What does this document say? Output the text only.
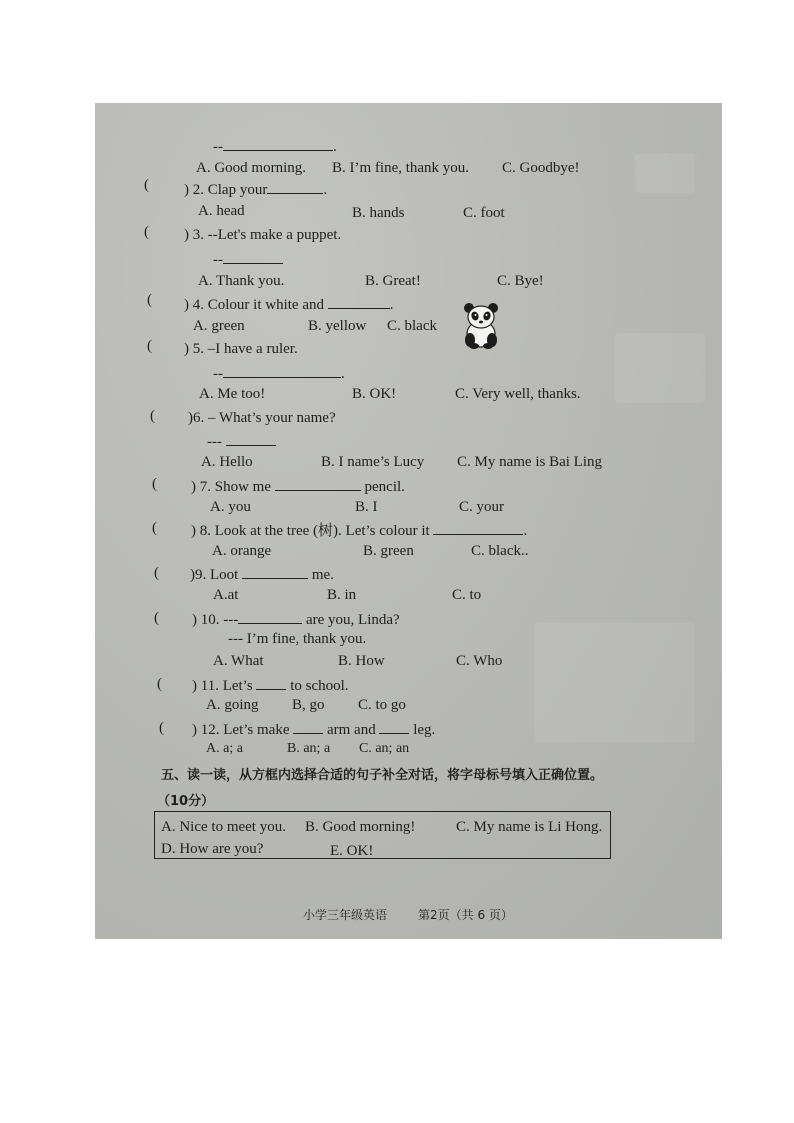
--	.
A. Good morning. B. I’m fine, thank you. C. Goodbye!
( ) 2. Clap your	.
A. head	B. hands	C. foot
( ) 3. --Let's make a puppet.
--
A. Thank you.	B. Great!	C. Bye!
( ) 4. Colour it white and	.
A. green	B. yellow C. black
( ) 5. –I have a ruler.
--	.
A. Me too!	B. OK!	C. Very well, thanks.
( )6. – What’s your name?
---
A. Hello	B. I name’s Lucy C. My name is Bai Ling
( ) 7. Show me	pencil.
A. you	B. I	C. your
( ) 8. Look at the tree (树). Let’s colour it	.
A. orange	B. green	C. black..
( )9. Loot	me.
A.at	B. in	C. to
( ) 10. ---	are you, Linda?
--- I’m fine, thank you.
A. What	B. How	C. Who
( ) 11. Let’s	to school.
A. going B, go C. to go
( ) 12. Let’s make	arm and	leg.
A. a; a	B. an; a C. an; an
五、读一读，从方框内选择合适的句子补全对话，将字母标号填入正确位置。
（10分）
A. Nice to meet you. B. Good morning!	C. My name is Li Hong.
D. How are you?	E. OK!
小学三年级英语	第2页（共 6 页）
